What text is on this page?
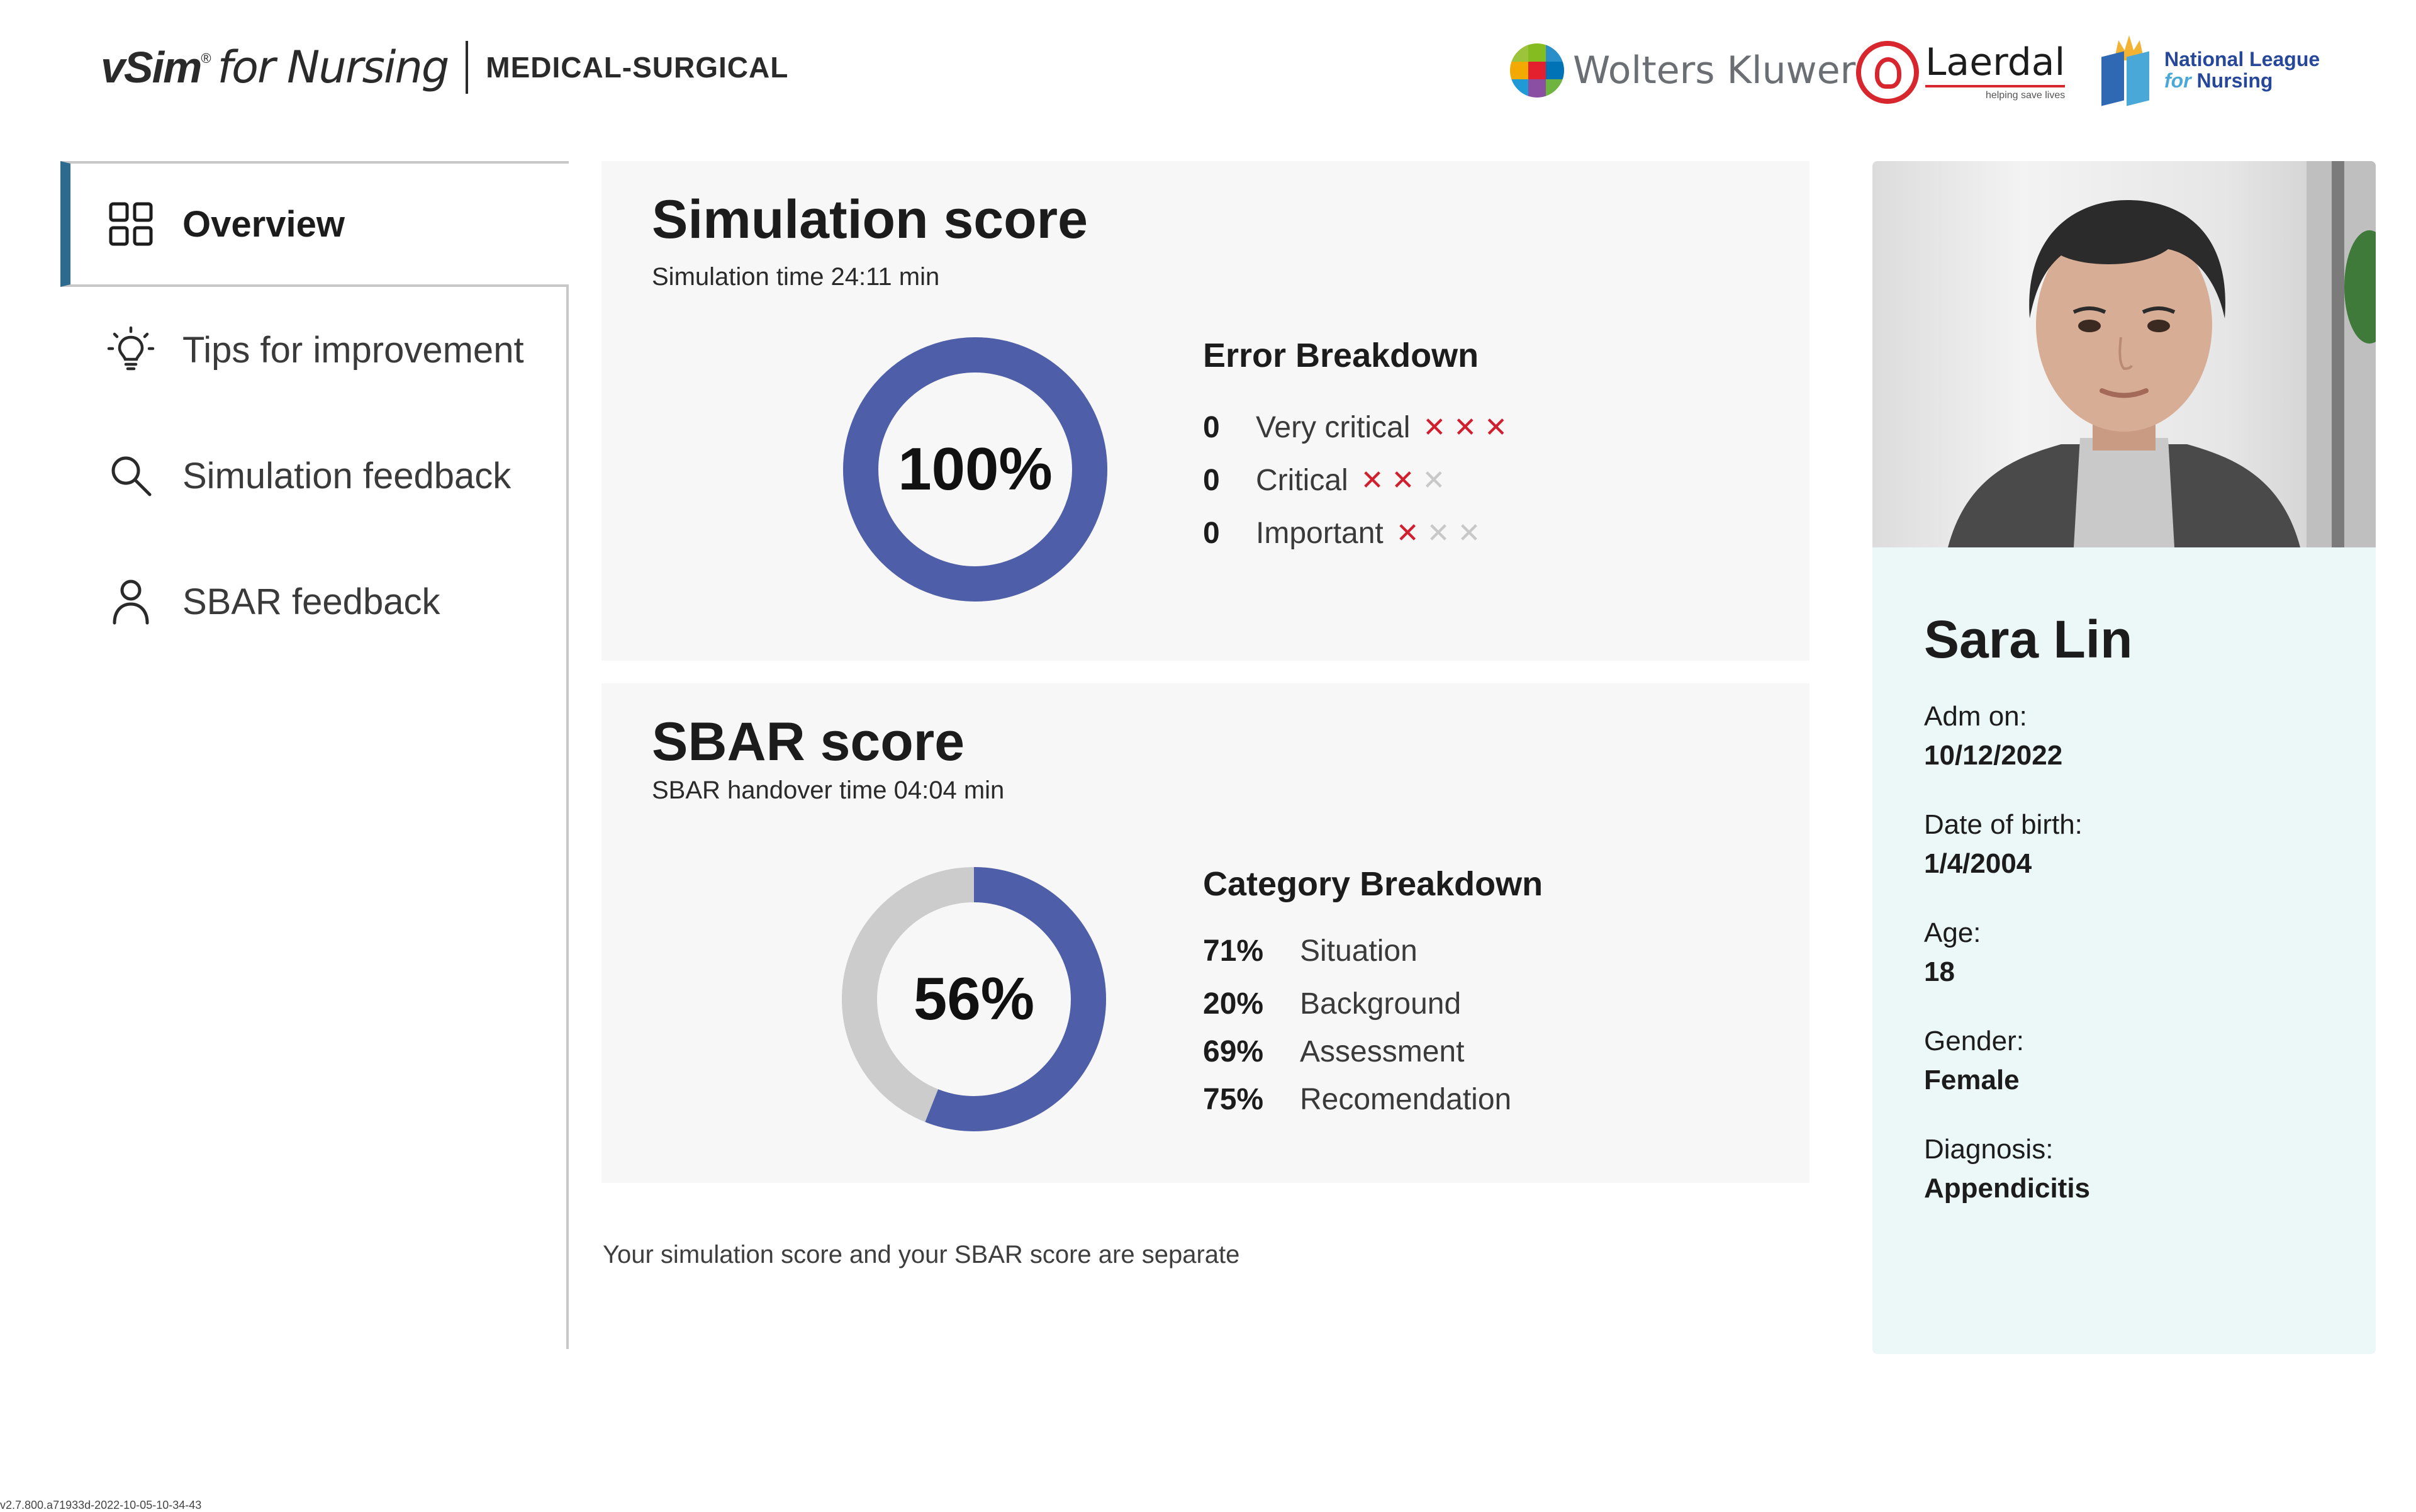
vSim ® for Nursing MEDICAL-SURGICAL	Wolters Kluwer Laerdal
helping save lives
National League
for Nursing
Overview
Tips for improvement
Simulation feedback
SBAR feedback
Simulation score
Simulation time 24:11 min
100%
Error Breakdown
0	Very critical ✕ ✕ ✕
0	Critical ✕ ✕ ✕
0	Important ✕ ✕ ✕
SBAR score
SBAR handover time 04:04 min
56%
Category Breakdown
71%	Situation
20%	Background
69%	Assessment
75%	Recomendation
Your simulation score and your SBAR score are separate
Sara Lin
Adm on:
10/12/2022
Date of birth:
1/4/2004
Age:
18
Gender:
Female
Diagnosis:
Appendicitis
v2.7.800.a71933d-2022-10-05-10-34-43
